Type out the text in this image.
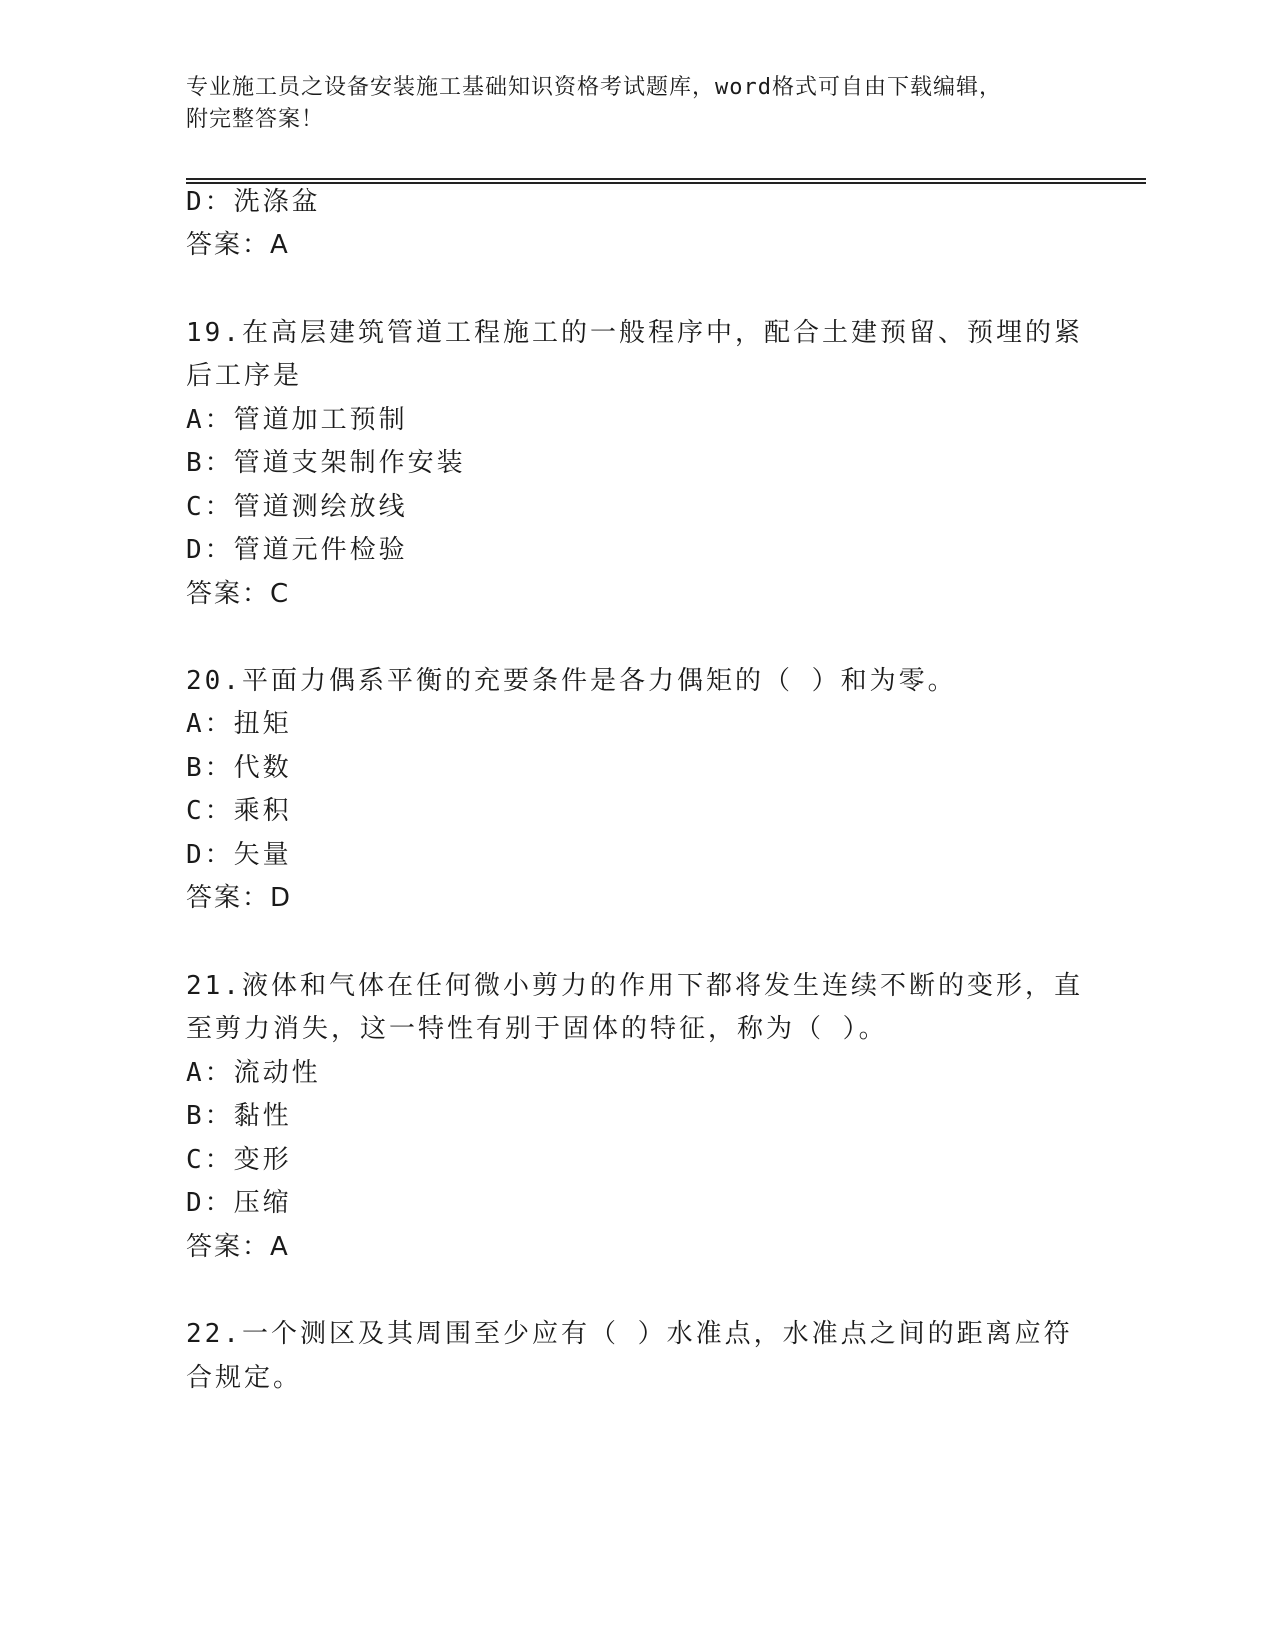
专业施工员之设备安装施工基础知识资格考试题库，word格式可自由下载编辑，
附完整答案！
D：洗涤盆
答案：A
19.在高层建筑管道工程施工的一般程序中，配合土建预留、预埋的紧
后工序是
A：管道加工预制
B：管道支架制作安装
C：管道测绘放线
D：管道元件检验
答案：C
20.平面力偶系平衡的充要条件是各力偶矩的（ ）和为零。
A：扭矩
B：代数
C：乘积
D：矢量
答案：D
21.液体和气体在任何微小剪力的作用下都将发生连续不断的变形，直
至剪力消失，这一特性有别于固体的特征，称为（ ）。
A：流动性
B：黏性
C：变形
D：压缩
答案：A
22.一个测区及其周围至少应有（ ）水准点，水准点之间的距离应符
合规定。
